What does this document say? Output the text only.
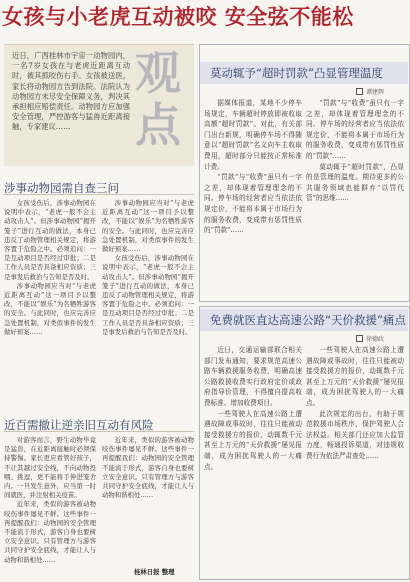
女孩与小老虎互动被咬 安全弦不能松
近日，广西桂林市宇宙一动物园内，一名7岁女孩在与老虎近距离互动时，被其抓咬伤右手。女孩被送医，家长将动物园方告到法院。法院认为动物园方未尽安全保障义务，判决其承担相应赔偿责任。动物园方应加强安全管理，严控游客与猛兽近距离接触，专家建议……
观
点
涉事动物园需自查三问

女孩受伤后，涉事动物园在说明中表示，“老虎一般不会主动攻击人”。但涉事动物园“揭开笼子”进行互动的做法，本身已违反了动物管理相关规定，将游客置于危险之中。必须追问：一是互动项目是否经过审批；二是工作人员是否具备相应资质；三是事发后救治与告知是否及时。

涉事动物园应当对“与老虎近距离互动”这一项目予以整改，不能以“娱乐”为名牺牲游客的安全。与此同时，也应完善应急处置机制，对类似事件的发生做好预案……

涉事动物园应当对“与老虎近距离互动”这一项目予以整改，不能以“娱乐”为名牺牲游客的安全。与此同时，也应完善应急处置机制，对类似事件的发生做好预案……

女孩受伤后，涉事动物园在说明中表示，“老虎一般不会主动攻击人”。但涉事动物园“揭开笼子”进行互动的做法，本身已违反了动物管理相关规定，将游客置于危险之中。必须追问：一是互动项目是否经过审批；二是工作人员是否具备相应资质；三是事发后救治与告知是否及时。

近百需撤让逆亲旧互动有风险

对游客而言，野生动物毕竟是猛兽，在近距离接触时必须保持警惕。家长更应看管好孩子，不让其越过安全线，不向动物投喂、挑逗，更不能将手伸进笼舍内。一旦发生意外，应当第一时间就医，并注射相关疫苗。

近年来，类似的游客被动物咬伤事件屡见不鲜。这些事件一再提醒我们：动物园的安全管理不能流于形式，游客自身也要树立安全意识。只有管理方与游客共同守护安全底线，才能让人与动物和谐相处……

近年来，类似的游客被动物咬伤事件屡见不鲜。这些事件一再提醒我们：动物园的安全管理不能流于形式，游客自身也要树立安全意识。只有管理方与游客共同守护安全底线，才能让人与动物和谐相处……

桂林日报 整理
莫动辄予“超时罚款”凸显管理温度
谭建辉

据媒体报道，某地不少停车场规定，车辆超时停放即被收取高额“超时罚款”。对此，有关部门出台新规，明确停车场不得随意以“超时罚款”名义向车主收取费用，超时部分只能按正常标准计费。

“罚款”与“收费”虽只有一字之差，却体现着管理理念的不同。停车场的经营者应当依法依规定价，不能将本属于市场行为的服务收费，变成带有惩罚性质的“罚款”……

“罚款”与“收费”虽只有一字之差，却体现着管理理念的不同。停车场的经营者应当依法依规定价，不能将本属于市场行为的服务收费，变成带有惩罚性质的“罚款”……

莫动辄予“超时罚款”，凸显的是管理的温度。期待更多的公共服务领域也能摒弃“以罚代管”的思维……

免费就医直达高速公路“天价救援”痛点
徐德政

近日，交通运输部联合相关部门发布通知，要求规范高速公路车辆救援服务收费，明确高速公路救援收费实行政府定价或政府指导价管理，不得擅自提高收费标准、增加收费项目。

一些驾驶人在高速公路上遭遇故障或事故时，往往只能被动接受救援方的报价，动辄数千元甚至上万元的“天价救援”屡见报端，成为困扰驾驶人的一大痛点。

一些驾驶人在高速公路上遭遇故障或事故时，往往只能被动接受救援方的报价，动辄数千元甚至上万元的“天价救援”屡见报端，成为困扰驾驶人的一大痛点。

此次规定的出台，有助于规范救援市场秩序，保护驾驶人合法权益。相关部门还应加大监管力度，畅通投诉渠道，对违规收费行为依法严肃查处……
